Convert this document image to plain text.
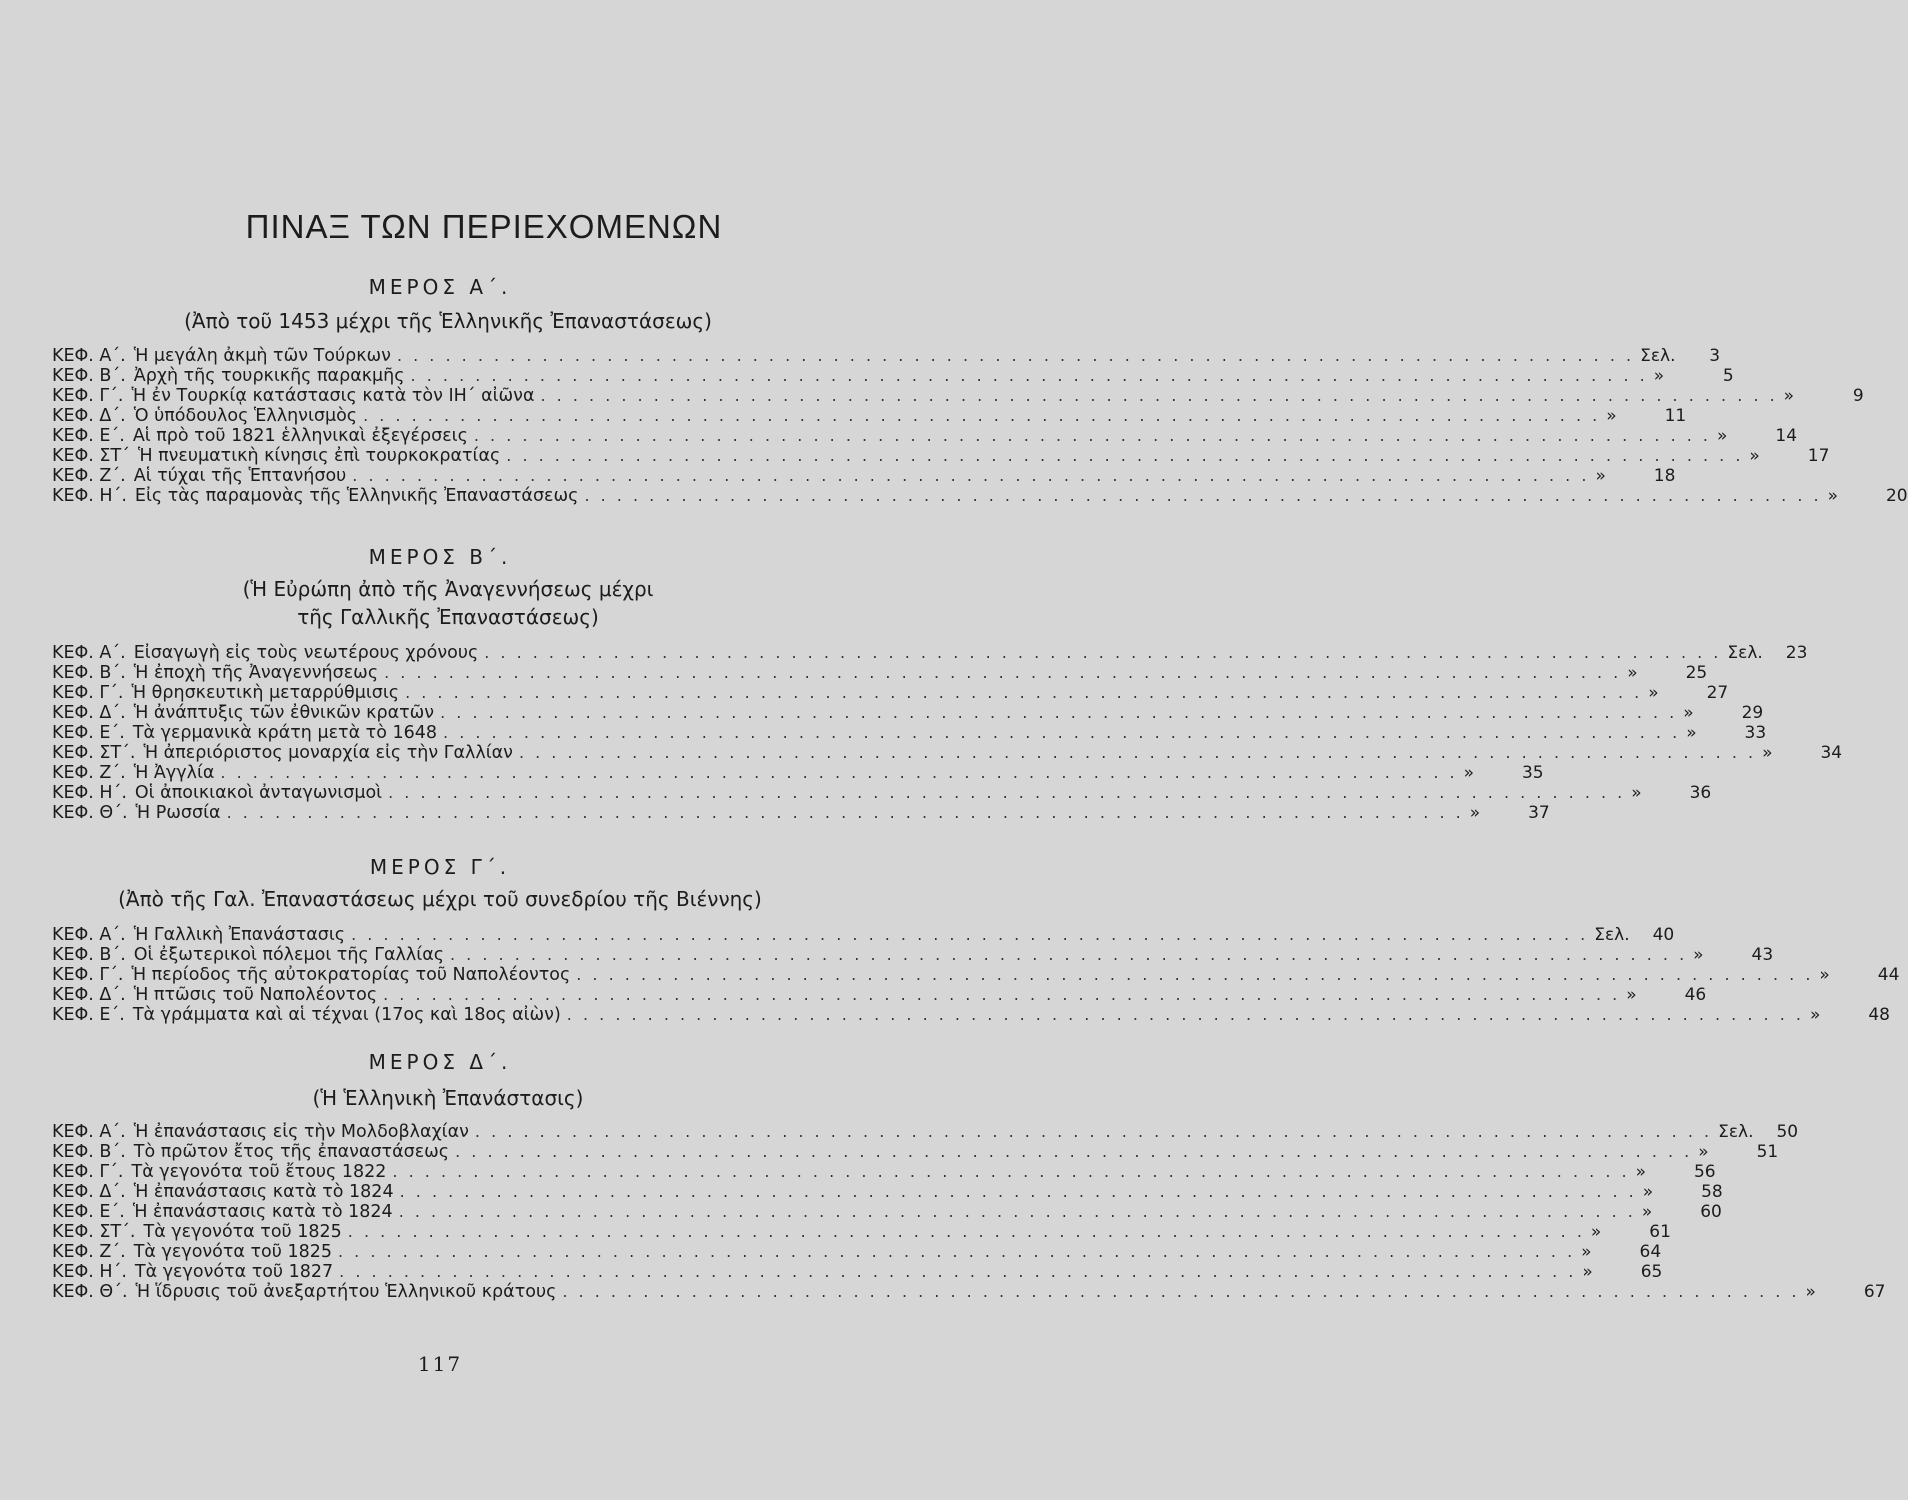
ΠΙΝΑΞ ΤΩΝ ΠΕΡΙΕΧΟΜΕΝΩΝ
ΜΕΡΟΣ Α΄.

(Ἀπὸ τοῦ 1453 μέχρι τῆς Ἑλληνικῆς Ἐπαναστάσεως)

ΚΕΦ. Α΄. Ἡ μεγάλη ἀκμὴ τῶν Τούρκων . . .	Σελ.	3
ΚΕΦ. Β΄. Ἀρχὴ τῆς τουρκικῆς παρακμῆς . . .	»	5
ΚΕΦ. Γ΄. Ἡ ἐν Τουρκίᾳ κατάστασις κατὰ τὸν ΙΗ΄ αἰῶνα . . .	»	9
ΚΕΦ. Δ΄. Ὁ ὑπόδουλος Ἑλληνισμὸς . . .	»	11
ΚΕΦ. Ε΄. Αἱ πρὸ τοῦ 1821 ἑλληνικαὶ ἐξεγέρσεις . . .	»	14
ΚΕΦ. ΣΤ΄ Ἡ πνευματικὴ κίνησις ἐπὶ τουρκοκρατίας . . .	»	17
ΚΕΦ. Ζ΄. Αἱ τύχαι τῆς Ἑπτανήσου . . .	»	18
ΚΕΦ. Η΄. Εἰς τὰς παραμονὰς τῆς Ἑλληνικῆς Ἐπαναστάσεως . . .	»	20
ΜΕΡΟΣ Β΄.

(Ἡ Εὐρώπη ἀπὸ τῆς Ἀναγεννήσεως μέχρι

τῆς Γαλλικῆς Ἐπαναστάσεως)

ΚΕΦ. Α΄. Εἰσαγωγὴ εἰς τοὺς νεωτέρους χρόνους . . .	Σελ.	23
ΚΕΦ. Β΄. Ἡ ἐποχὴ τῆς Ἀναγεννήσεως . . .	»	25
ΚΕΦ. Γ΄. Ἡ θρησκευτικὴ μεταρρύθμισις . . .	»	27
ΚΕΦ. Δ΄. Ἡ ἀνάπτυξις τῶν ἐθνικῶν κρατῶν . . .	»	29
ΚΕΦ. Ε΄. Τὰ γερμανικὰ κράτη μετὰ τὸ 1648 . . .	»	33
ΚΕΦ. ΣΤ΄. Ἡ ἀπεριόριστος μοναρχία εἰς τὴν Γαλλίαν . . .	»	34
ΚΕΦ. Ζ΄. Ἡ Ἀγγλία . . .	»	35
ΚΕΦ. Η΄. Οἱ ἀποικιακοὶ ἀνταγωνισμοὶ . . .	»	36
ΚΕΦ. Θ΄. Ἡ Ρωσσία . . .	»	37
ΜΕΡΟΣ Γ΄.

(Ἀπὸ τῆς Γαλ. Ἐπαναστάσεως μέχρι τοῦ συνεδρίου τῆς Βιέννης)

ΚΕΦ. Α΄. Ἡ Γαλλικὴ Ἐπανάστασις . . .	Σελ.	40
ΚΕΦ. Β΄. Οἱ ἐξωτερικοὶ πόλεμοι τῆς Γαλλίας . . .	»	43
ΚΕΦ. Γ΄. Ἡ περίοδος τῆς αὐτοκρατορίας τοῦ Ναπολέοντος . . .	»	44
ΚΕΦ. Δ΄. Ἡ πτῶσις τοῦ Ναπολέοντος . . .	»	46
ΚΕΦ. Ε΄. Τὰ γράμματα καὶ αἱ τέχναι (17ος καὶ 18ος αἰὼν) . . .	»	48
ΜΕΡΟΣ Δ΄.

(Ἡ Ἑλληνικὴ Ἐπανάστασις)

ΚΕΦ. Α΄. Ἡ ἐπανάστασις εἰς τὴν Μολδοβλαχίαν . . .	Σελ.	50
ΚΕΦ. Β΄. Τὸ πρῶτον ἔτος τῆς ἐπαναστάσεως . . .	»	51
ΚΕΦ. Γ΄. Τὰ γεγονότα τοῦ ἔτους 1822 . . .	»	56
ΚΕΦ. Δ΄. Ἡ ἐπανάστασις κατὰ τὸ 1824 . . .	»	58
ΚΕΦ. Ε΄. Ἡ ἐπανάστασις κατὰ τὸ 1824 . . .	»	60
ΚΕΦ. ΣΤ΄. Τὰ γεγονότα τοῦ 1825 . . .	»	61
ΚΕΦ. Ζ΄. Τὰ γεγονότα τοῦ 1825 . . .	»	64
ΚΕΦ. Η΄. Τὰ γεγονότα τοῦ 1827 . . .	»	65
ΚΕΦ. Θ΄. Ἡ ἵδρυσις τοῦ ἀνεξαρτήτου Ἑλληνικοῦ κράτους . . .	»	67
117
